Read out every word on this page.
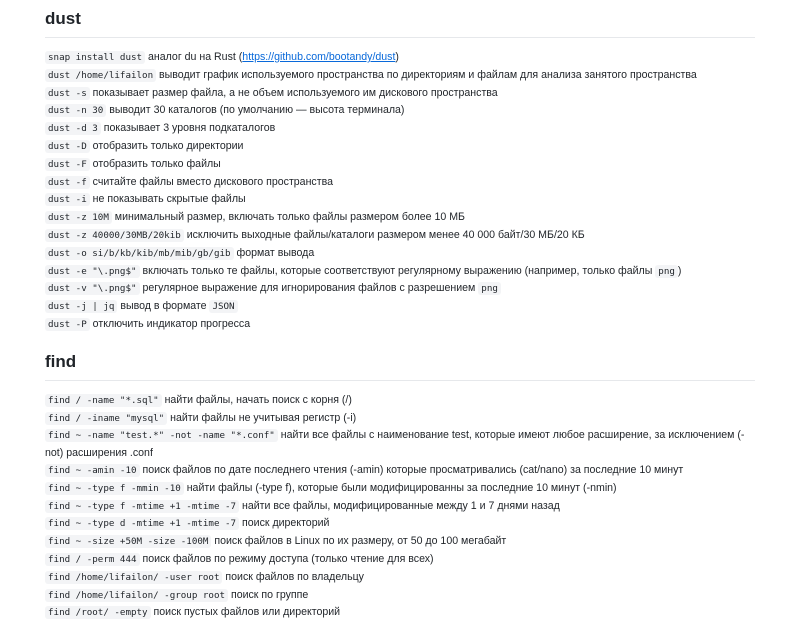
dust
snap install dust аналог du на Rust (https://github.com/bootandy/dust)
dust /home/lifailon выводит график используемого пространства по директориям и файлам для анализа занятого пространства
dust -s показывает размер файла, а не объем используемого им дискового пространства
dust -n 30 выводит 30 каталогов (по умолчанию — высота терминала)
dust -d 3 показывает 3 уровня подкаталогов
dust -D отобразить только директории
dust -F отобразить только файлы
dust -f считайте файлы вместо дискового пространства
dust -i не показывать скрытые файлы
dust -z 10M минимальный размер, включать только файлы размером более 10 МБ
dust -z 40000/30MB/20kib исключить выходные файлы/каталоги размером менее 40 000 байт/30 МБ/20 КБ
dust -o si/b/kb/kib/mb/mib/gb/gib формат вывода
dust -e "\.png$" включать только те файлы, которые соответствуют регулярному выражению (например, только файлы png )
dust -v "\.png$" регулярное выражение для игнорирования файлов с разрешением png
dust -j | jq вывод в формате JSON
dust -P отключить индикатор прогресса
find
find / -name "*.sql" найти файлы, начать поиск с корня (/)
find / -iname "mysql" найти файлы не учитывая регистр (-i)
find ~ -name "test.*" -not -name "*.conf" найти все файлы с наименование test, которые имеют любое расширение, за исключением (-not) расширения .conf
find ~ -amin -10 поиск файлов по дате последнего чтения (-amin) которые просматривались (cat/nano) за последние 10 минут
find ~ -type f -mmin -10 найти файлы (-type f), которые были модифицированны за последние 10 минут (-nmin)
find ~ -type f -mtime +1 -mtime -7 найти все файлы, модифицированные между 1 и 7 днями назад
find ~ -type d -mtime +1 -mtime -7 поиск директорий
find ~ -size +50M -size -100M поиск файлов в Linux по их размеру, от 50 до 100 мегабайт
find / -perm 444 поиск файлов по режиму доступа (только чтение для всех)
find /home/lifailon/ -user root поиск файлов по владельцу
find /home/lifailon/ -group root поиск по группе
find /root/ -empty поиск пустых файлов или директорий
